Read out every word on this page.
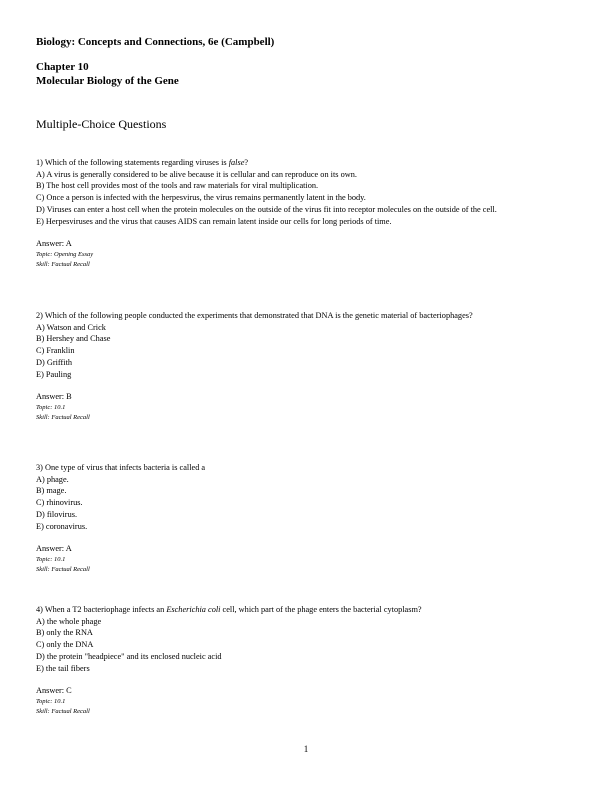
Biology: Concepts and Connections, 6e (Campbell)
Chapter 10
Molecular Biology of the Gene
Multiple-Choice Questions

1) Which of the following statements regarding viruses is false?

A) A virus is generally considered to be alive because it is cellular and can reproduce on its own.

B) The host cell provides most of the tools and raw materials for viral multiplication.

C) Once a person is infected with the herpesvirus, the virus remains permanently latent in the body.

D) Viruses can enter a host cell when the protein molecules on the outside of the virus fit into receptor molecules on the outside of the cell.

E) Herpesviruses and the virus that causes AIDS can remain latent inside our cells for long periods of time.

Answer: A
Topic: Opening Essay
Skill: Factual Recall

2) Which of the following people conducted the experiments that demonstrated that DNA is the genetic material of bacteriophages?

A) Watson and Crick

B) Hershey and Chase

C) Franklin

D) Griffith

E) Pauling

Answer: B
Topic: 10.1
Skill: Factual Recall

3) One type of virus that infects bacteria is called a

A) phage.

B) mage.

C) rhinovirus.

D) filovirus.

E) coronavirus.

Answer: A
Topic: 10.1
Skill: Factual Recall

4) When a T2 bacteriophage infects an Escherichia coli cell, which part of the phage enters the bacterial cytoplasm?

A) the whole phage

B) only the RNA

C) only the DNA

D) the protein "headpiece" and its enclosed nucleic acid

E) the tail fibers

Answer: C
Topic: 10.1
Skill: Factual Recall
1
